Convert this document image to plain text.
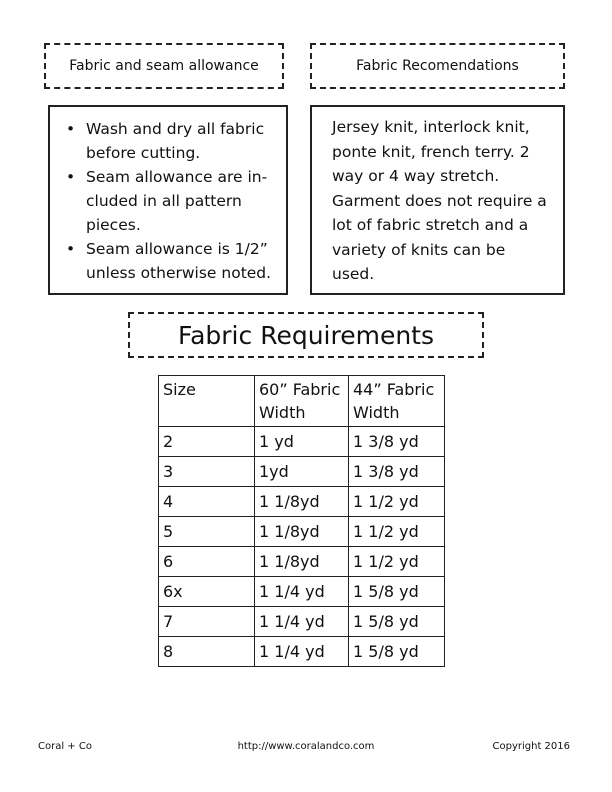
Fabric and seam allowance	Fabric Recomendations
• Wash and dry all fabric before cutting.
• Seam allowance are included in all pattern pieces.
• Seam allowance is 1/2” unless otherwise noted.
Jersey knit, interlock knit, ponte knit, french terry. 2 way or 4 way stretch. Garment does not require a lot of fabric stretch and a variety of knits can be used.
Fabric Requirements
Size	60” Fabric Width	44” Fabric Width
2	1 yd	1 3/8 yd
3	1yd	1 3/8 yd
4	1 1/8yd	1 1/2 yd
5	1 1/8yd	1 1/2 yd
6	1 1/8yd	1 1/2 yd
6x	1 1/4 yd	1 5/8 yd
7	1 1/4 yd	1 5/8 yd
8	1 1/4 yd	1 5/8 yd
Coral + Co	http://www.coralandco.com	Copyright 2016
